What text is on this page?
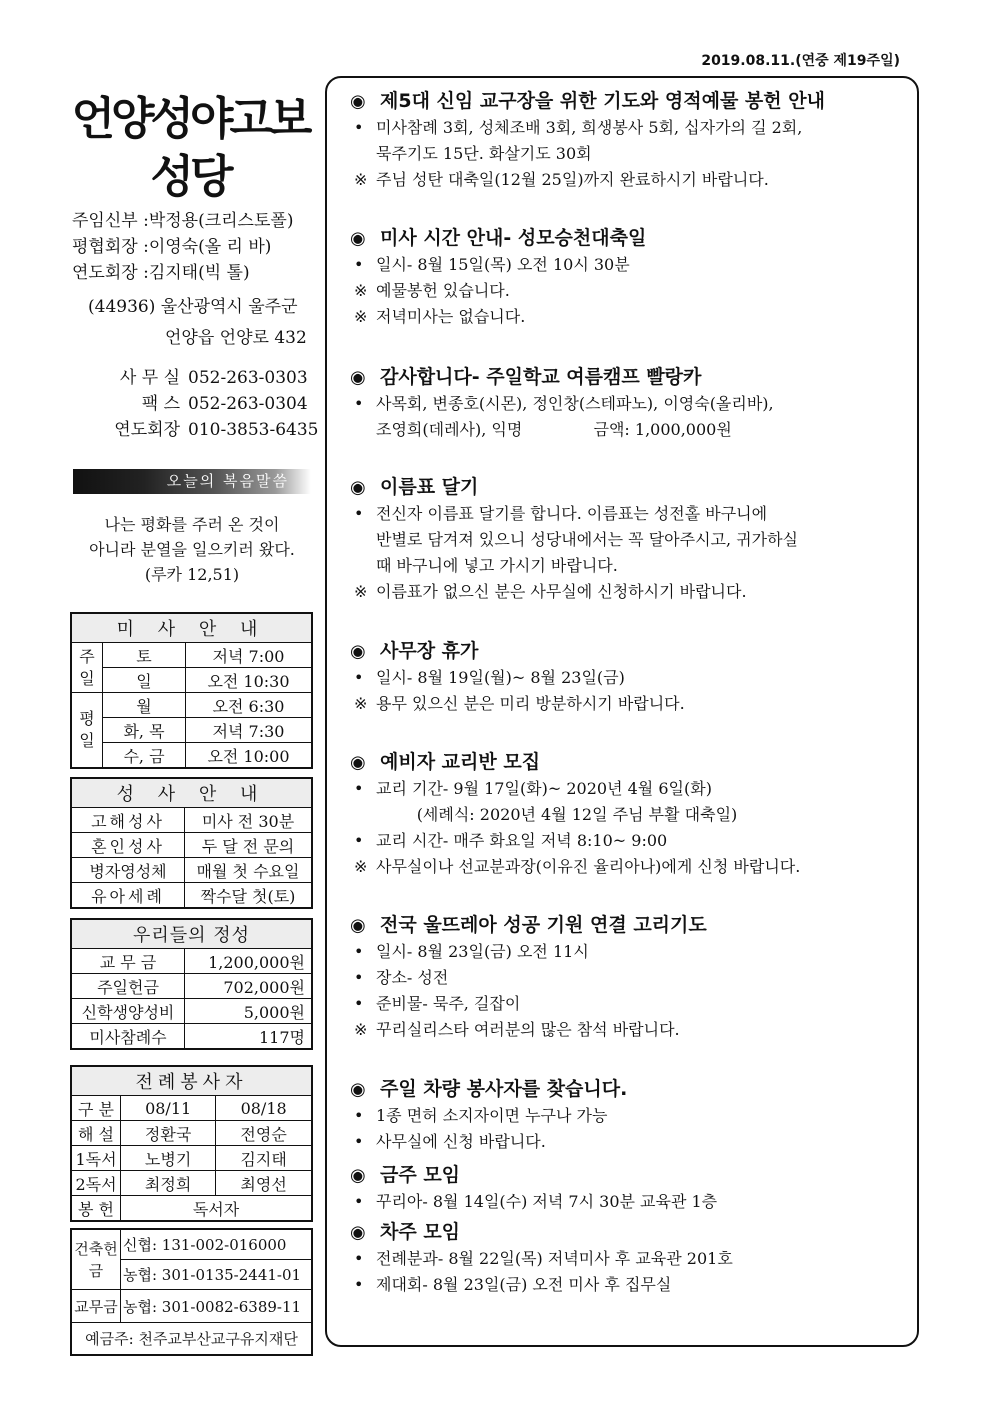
2019.08.11.(연중 제19주일)
언양성야고보
성당
주임신부 :박정용(크리스토폴)
평협회장 :이영숙(올 리 바)
연도회장 :김지태(빅 톨)
(44936) 울산광역시 울주군
언양읍 언양로 432
사 무 실 052-263-0303
팩 스 052-263-0304
연도회장 010-3853-6435
오늘의 복음말씀
나는 평화를 주러 온 것이
아니라 분열을 일으키러 왔다.
(루카 12,51)
미 사 안 내		
주일	토	저녁 7:00
	일	오전 10:30
평일	월	오전 6:30
	화, 목	저녁 7:30
	수, 금	오전 10:00
성 사 안 내	
고해성사	미사 전 30분
혼인성사	두 달 전 문의
병자영성체	매월 첫 수요일
유아세례	짝수달 첫(토)
우리들의 정성	
교 무 금	1,200,000원
주일헌금	702,000원
신학생양성비	5,000원
미사참례수	117명
전례봉사자		
구 분	08/11	08/18
해 설	정환국	전영순
1독서	노병기	김지태
2독서	최정희	최영선
봉 헌	독서자	
건축헌금	신협: 131-002-016000
	농협: 301-0135-2441-01
교무금	농협: 301-0082-6389-11
예금주: 천주교부산교구유지재단	
◉ 제5대 신임 교구장을 위한 기도와 영적예물 봉헌 안내
• 미사참례 3회, 성체조배 3회, 희생봉사 5회, 십자가의 길 2회,
묵주기도 15단. 화살기도 30회
※ 주님 성탄 대축일(12월 25일)까지 완료하시기 바랍니다.
◉ 미사 시간 안내- 성모승천대축일
• 일시- 8월 15일(목) 오전 10시 30분
※ 예물봉헌 있습니다.
※ 저녁미사는 없습니다.
◉ 감사합니다- 주일학교 여름캠프 빨랑카
• 사목회, 변종호(시몬), 정인창(스테파노), 이영숙(올리바),
조영희(데레사), 익명              금액: 1,000,000원
◉ 이름표 달기
• 전신자 이름표 달기를 합니다. 이름표는 성전홀 바구니에
반별로 담겨져 있으니 성당내에서는 꼭 달아주시고, 귀가하실
때 바구니에 넣고 가시기 바랍니다.
※ 이름표가 없으신 분은 사무실에 신청하시기 바랍니다.
◉ 사무장 휴가
• 일시- 8월 19일(월)~ 8월 23일(금)
※ 용무 있으신 분은 미리 방분하시기 바랍니다.
◉ 예비자 교리반 모집
• 교리 기간- 9월 17일(화)~ 2020년 4월 6일(화)
(세례식: 2020년 4월 12일 주님 부활 대축일)
• 교리 시간- 매주 화요일 저녁 8:10~ 9:00
※ 사무실이나 선교분과장(이유진 율리아나)에게 신청 바랍니다.
◉ 전국 울뜨레아 성공 기원 연결 고리기도
• 일시- 8월 23일(금) 오전 11시
• 장소- 성전
• 준비물- 묵주, 길잡이
※ 꾸리실리스타 여러분의 많은 참석 바랍니다.
◉ 주일 차량 봉사자를 찾습니다.
• 1종 면허 소지자이면 누구나 가능
• 사무실에 신청 바랍니다.
◉ 금주 모임
• 꾸리아- 8월 14일(수) 저녁 7시 30분 교육관 1층
◉ 차주 모임
• 전례분과- 8월 22일(목) 저녁미사 후 교육관 201호
• 제대회- 8월 23일(금) 오전 미사 후 집무실
